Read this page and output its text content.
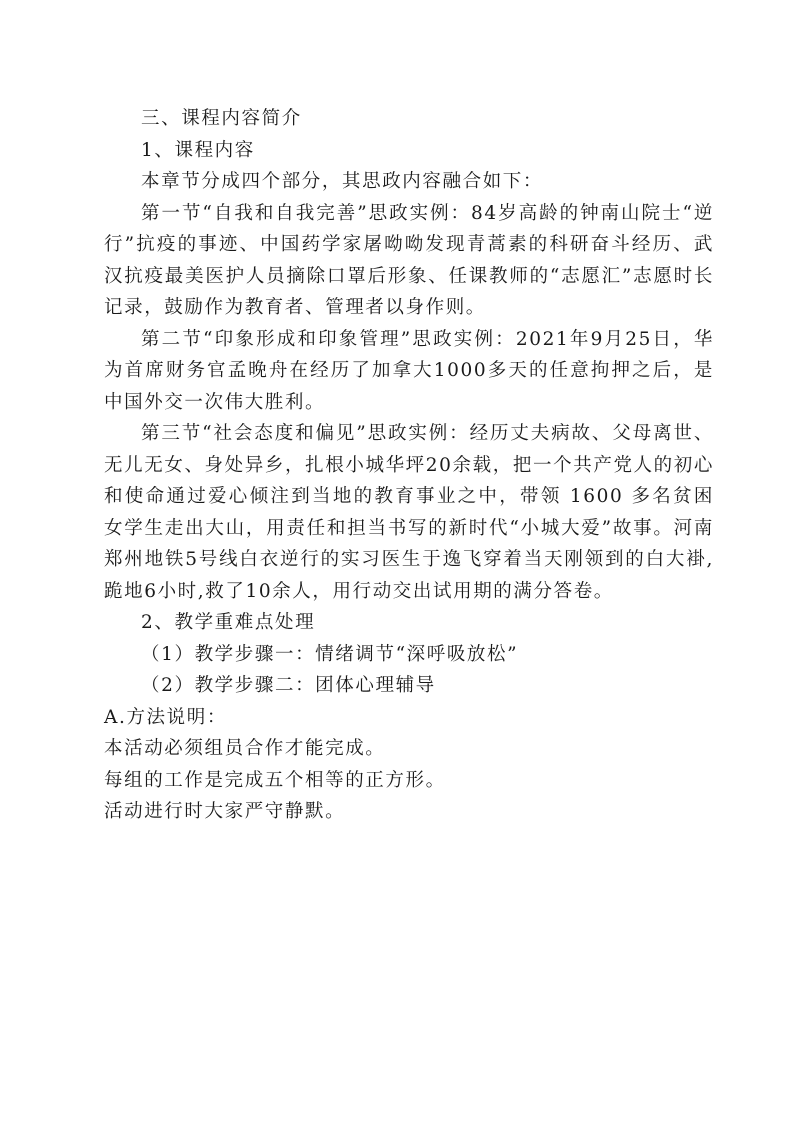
三、课程内容简介

1、课程内容

本章节分成四个部分，其思政内容融合如下：

第一节“自我和自我完善”思政实例：84岁高龄的钟南山院士“逆行”抗疫的事迹、中国药学家屠呦呦发现青蒿素的科研奋斗经历、武汉抗疫最美医护人员摘除口罩后形象、任课教师的“志愿汇”志愿时长记录，鼓励作为教育者、管理者以身作则。

第二节“印象形成和印象管理”思政实例：2021年9月25日，华为首席财务官孟晚舟在经历了加拿大1000多天的任意拘押之后，是中国外交一次伟大胜利。

第三节“社会态度和偏见”思政实例：经历丈夫病故、父母离世、无儿无女、身处异乡，扎根小城华坪20余载，把一个共产党人的初心和使命通过爱心倾注到当地的教育事业之中，带领 1600 多名贫困女学生走出大山，用责任和担当书写的新时代“小城大爱”故事。河南郑州地铁5号线白衣逆行的实习医生于逸飞穿着当天刚领到的白大褂,跪地6小时,救了10余人，用行动交出试用期的满分答卷。

2、教学重难点处理

（1）教学步骤一：情绪调节“深呼吸放松”

（2）教学步骤二：团体心理辅导

A.方法说明：

本活动必须组员合作才能完成。

每组的工作是完成五个相等的正方形。

活动进行时大家严守静默。
